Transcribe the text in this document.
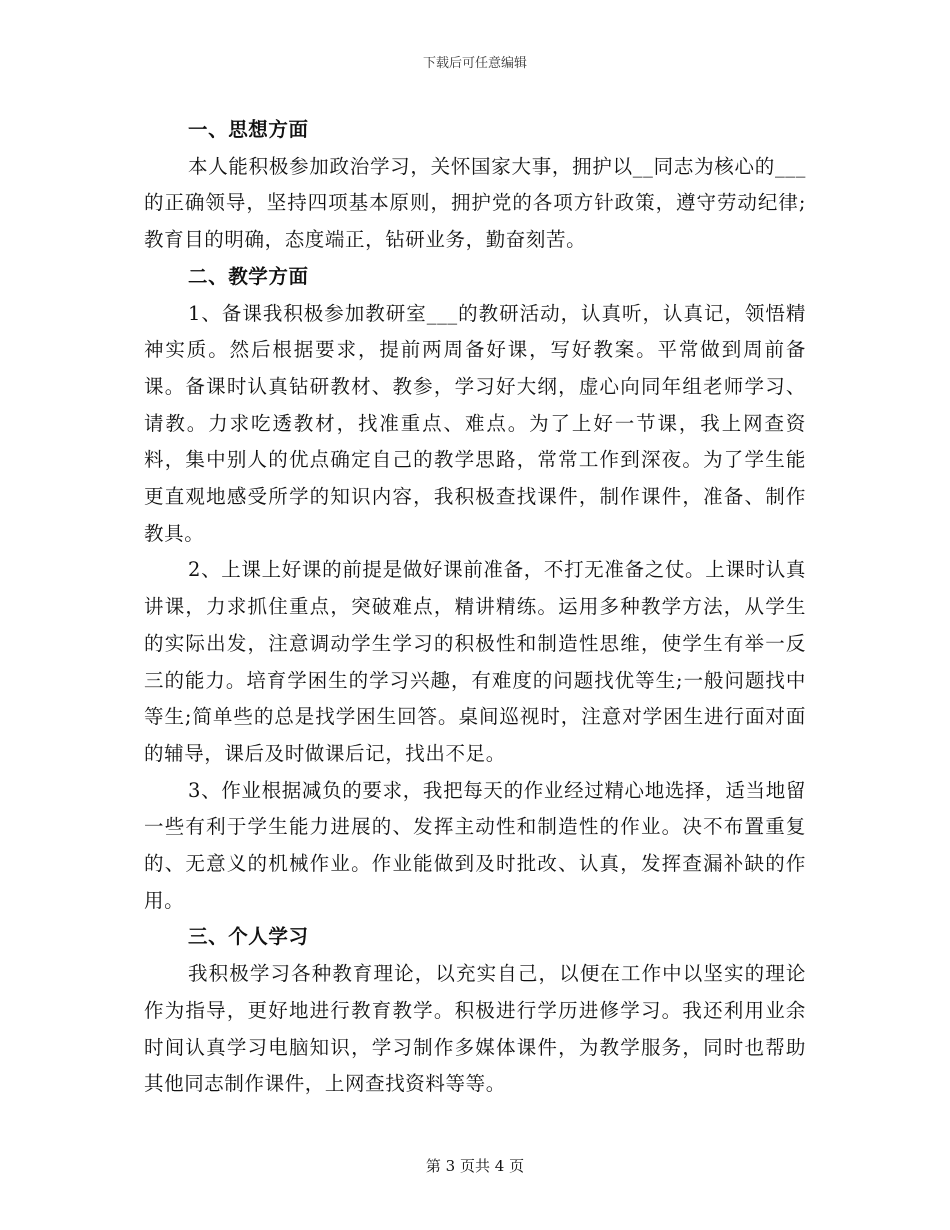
下载后可任意编辑

一、思想方面

本人能积极参加政治学习，关怀国家大事，拥护以__同志为核心的___的正确领导，坚持四项基本原则，拥护党的各项方针政策，遵守劳动纪律;教育目的明确，态度端正，钻研业务，勤奋刻苦。

二、教学方面

1、备课我积极参加教研室___的教研活动，认真听，认真记，领悟精神实质。然后根据要求，提前两周备好课，写好教案。平常做到周前备课。备课时认真钻研教材、教参，学习好大纲，虚心向同年组老师学习、请教。力求吃透教材，找准重点、难点。为了上好一节课，我上网查资料，集中别人的优点确定自己的教学思路，常常工作到深夜。为了学生能更直观地感受所学的知识内容，我积极查找课件，制作课件，准备、制作教具。

2、上课上好课的前提是做好课前准备，不打无准备之仗。上课时认真讲课，力求抓住重点，突破难点，精讲精练。运用多种教学方法，从学生的实际出发，注意调动学生学习的积极性和制造性思维，使学生有举一反三的能力。培育学困生的学习兴趣，有难度的问题找优等生;一般问题找中等生;简单些的总是找学困生回答。桌间巡视时，注意对学困生进行面对面的辅导，课后及时做课后记，找出不足。

3、作业根据减负的要求，我把每天的作业经过精心地选择，适当地留一些有利于学生能力进展的、发挥主动性和制造性的作业。决不布置重复的、无意义的机械作业。作业能做到及时批改、认真，发挥查漏补缺的作用。

三、个人学习

我积极学习各种教育理论，以充实自己，以便在工作中以坚实的理论作为指导，更好地进行教育教学。积极进行学历进修学习。我还利用业余时间认真学习电脑知识，学习制作多媒体课件，为教学服务，同时也帮助其他同志制作课件，上网查找资料等等。

第 3 页共 4 页
